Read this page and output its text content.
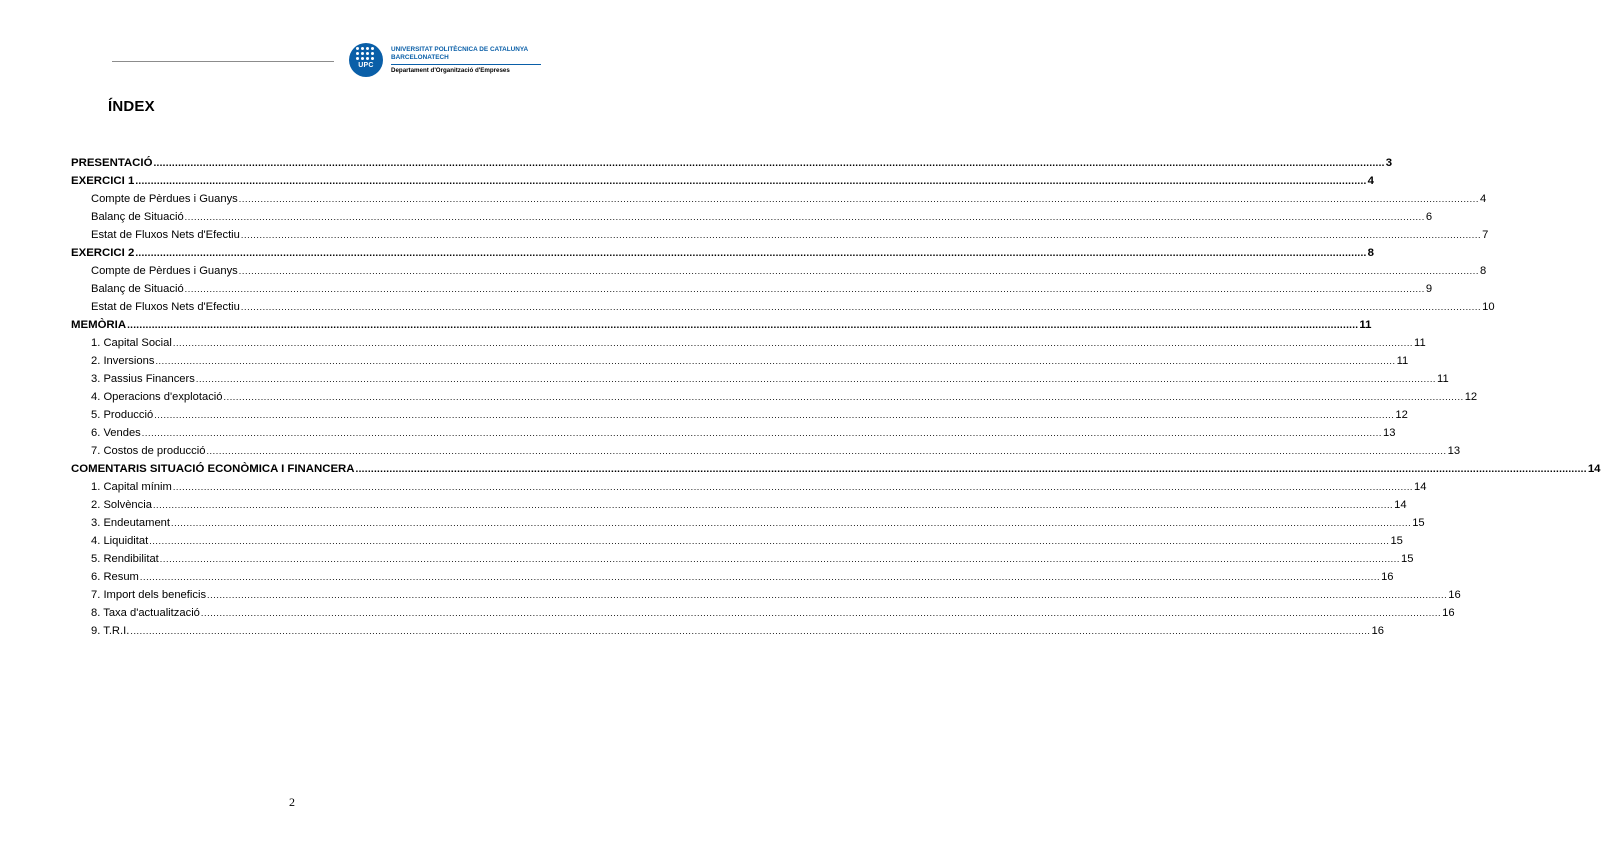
UPC
UNIVERSITAT POLITÈCNICA DE CATALUNYA
BARCELONATECH
Departament d'Organització d'Empreses
ÍNDEX
PRESENTACIÓ ................................................................................................................................................................................................................................................................................................................................................................................................................ 3
EXERCICI 1 ................................................................................................................................................................................................................................................................................................................................................................................................................ 4
Compte de Pèrdues i Guanys ................................................................................................................................................................................................................................................................................................................................................................................................................ 4
Balanç de Situació ................................................................................................................................................................................................................................................................................................................................................................................................................ 6
Estat de Fluxos Nets d'Efectiu ................................................................................................................................................................................................................................................................................................................................................................................................................ 7
EXERCICI 2 ................................................................................................................................................................................................................................................................................................................................................................................................................ 8
Compte de Pèrdues i Guanys ................................................................................................................................................................................................................................................................................................................................................................................................................ 8
Balanç de Situació ................................................................................................................................................................................................................................................................................................................................................................................................................ 9
Estat de Fluxos Nets d'Efectiu ................................................................................................................................................................................................................................................................................................................................................................................................................ 10
MEMÒRIA ................................................................................................................................................................................................................................................................................................................................................................................................................ 11
1. Capital Social ................................................................................................................................................................................................................................................................................................................................................................................................................ 11
2. Inversions ................................................................................................................................................................................................................................................................................................................................................................................................................ 11
3. Passius Financers ................................................................................................................................................................................................................................................................................................................................................................................................................ 11
4. Operacions d'explotació ................................................................................................................................................................................................................................................................................................................................................................................................................ 12
5. Producció ................................................................................................................................................................................................................................................................................................................................................................................................................ 12
6. Vendes ................................................................................................................................................................................................................................................................................................................................................................................................................ 13
7. Costos de producció ................................................................................................................................................................................................................................................................................................................................................................................................................ 13
COMENTARIS SITUACIÓ ECONÒMICA I FINANCERA ................................................................................................................................................................................................................................................................................................................................................................................................................ 14
1. Capital mínim ................................................................................................................................................................................................................................................................................................................................................................................................................ 14
2. Solvència ................................................................................................................................................................................................................................................................................................................................................................................................................ 14
3. Endeutament ................................................................................................................................................................................................................................................................................................................................................................................................................ 15
4. Liquiditat ................................................................................................................................................................................................................................................................................................................................................................................................................ 15
5. Rendibilitat ................................................................................................................................................................................................................................................................................................................................................................................................................ 15
6. Resum ................................................................................................................................................................................................................................................................................................................................................................................................................ 16
7. Import dels beneficis ................................................................................................................................................................................................................................................................................................................................................................................................................ 16
8. Taxa d'actualització ................................................................................................................................................................................................................................................................................................................................................................................................................ 16
9. T.R.I. ................................................................................................................................................................................................................................................................................................................................................................................................................ 16
2
